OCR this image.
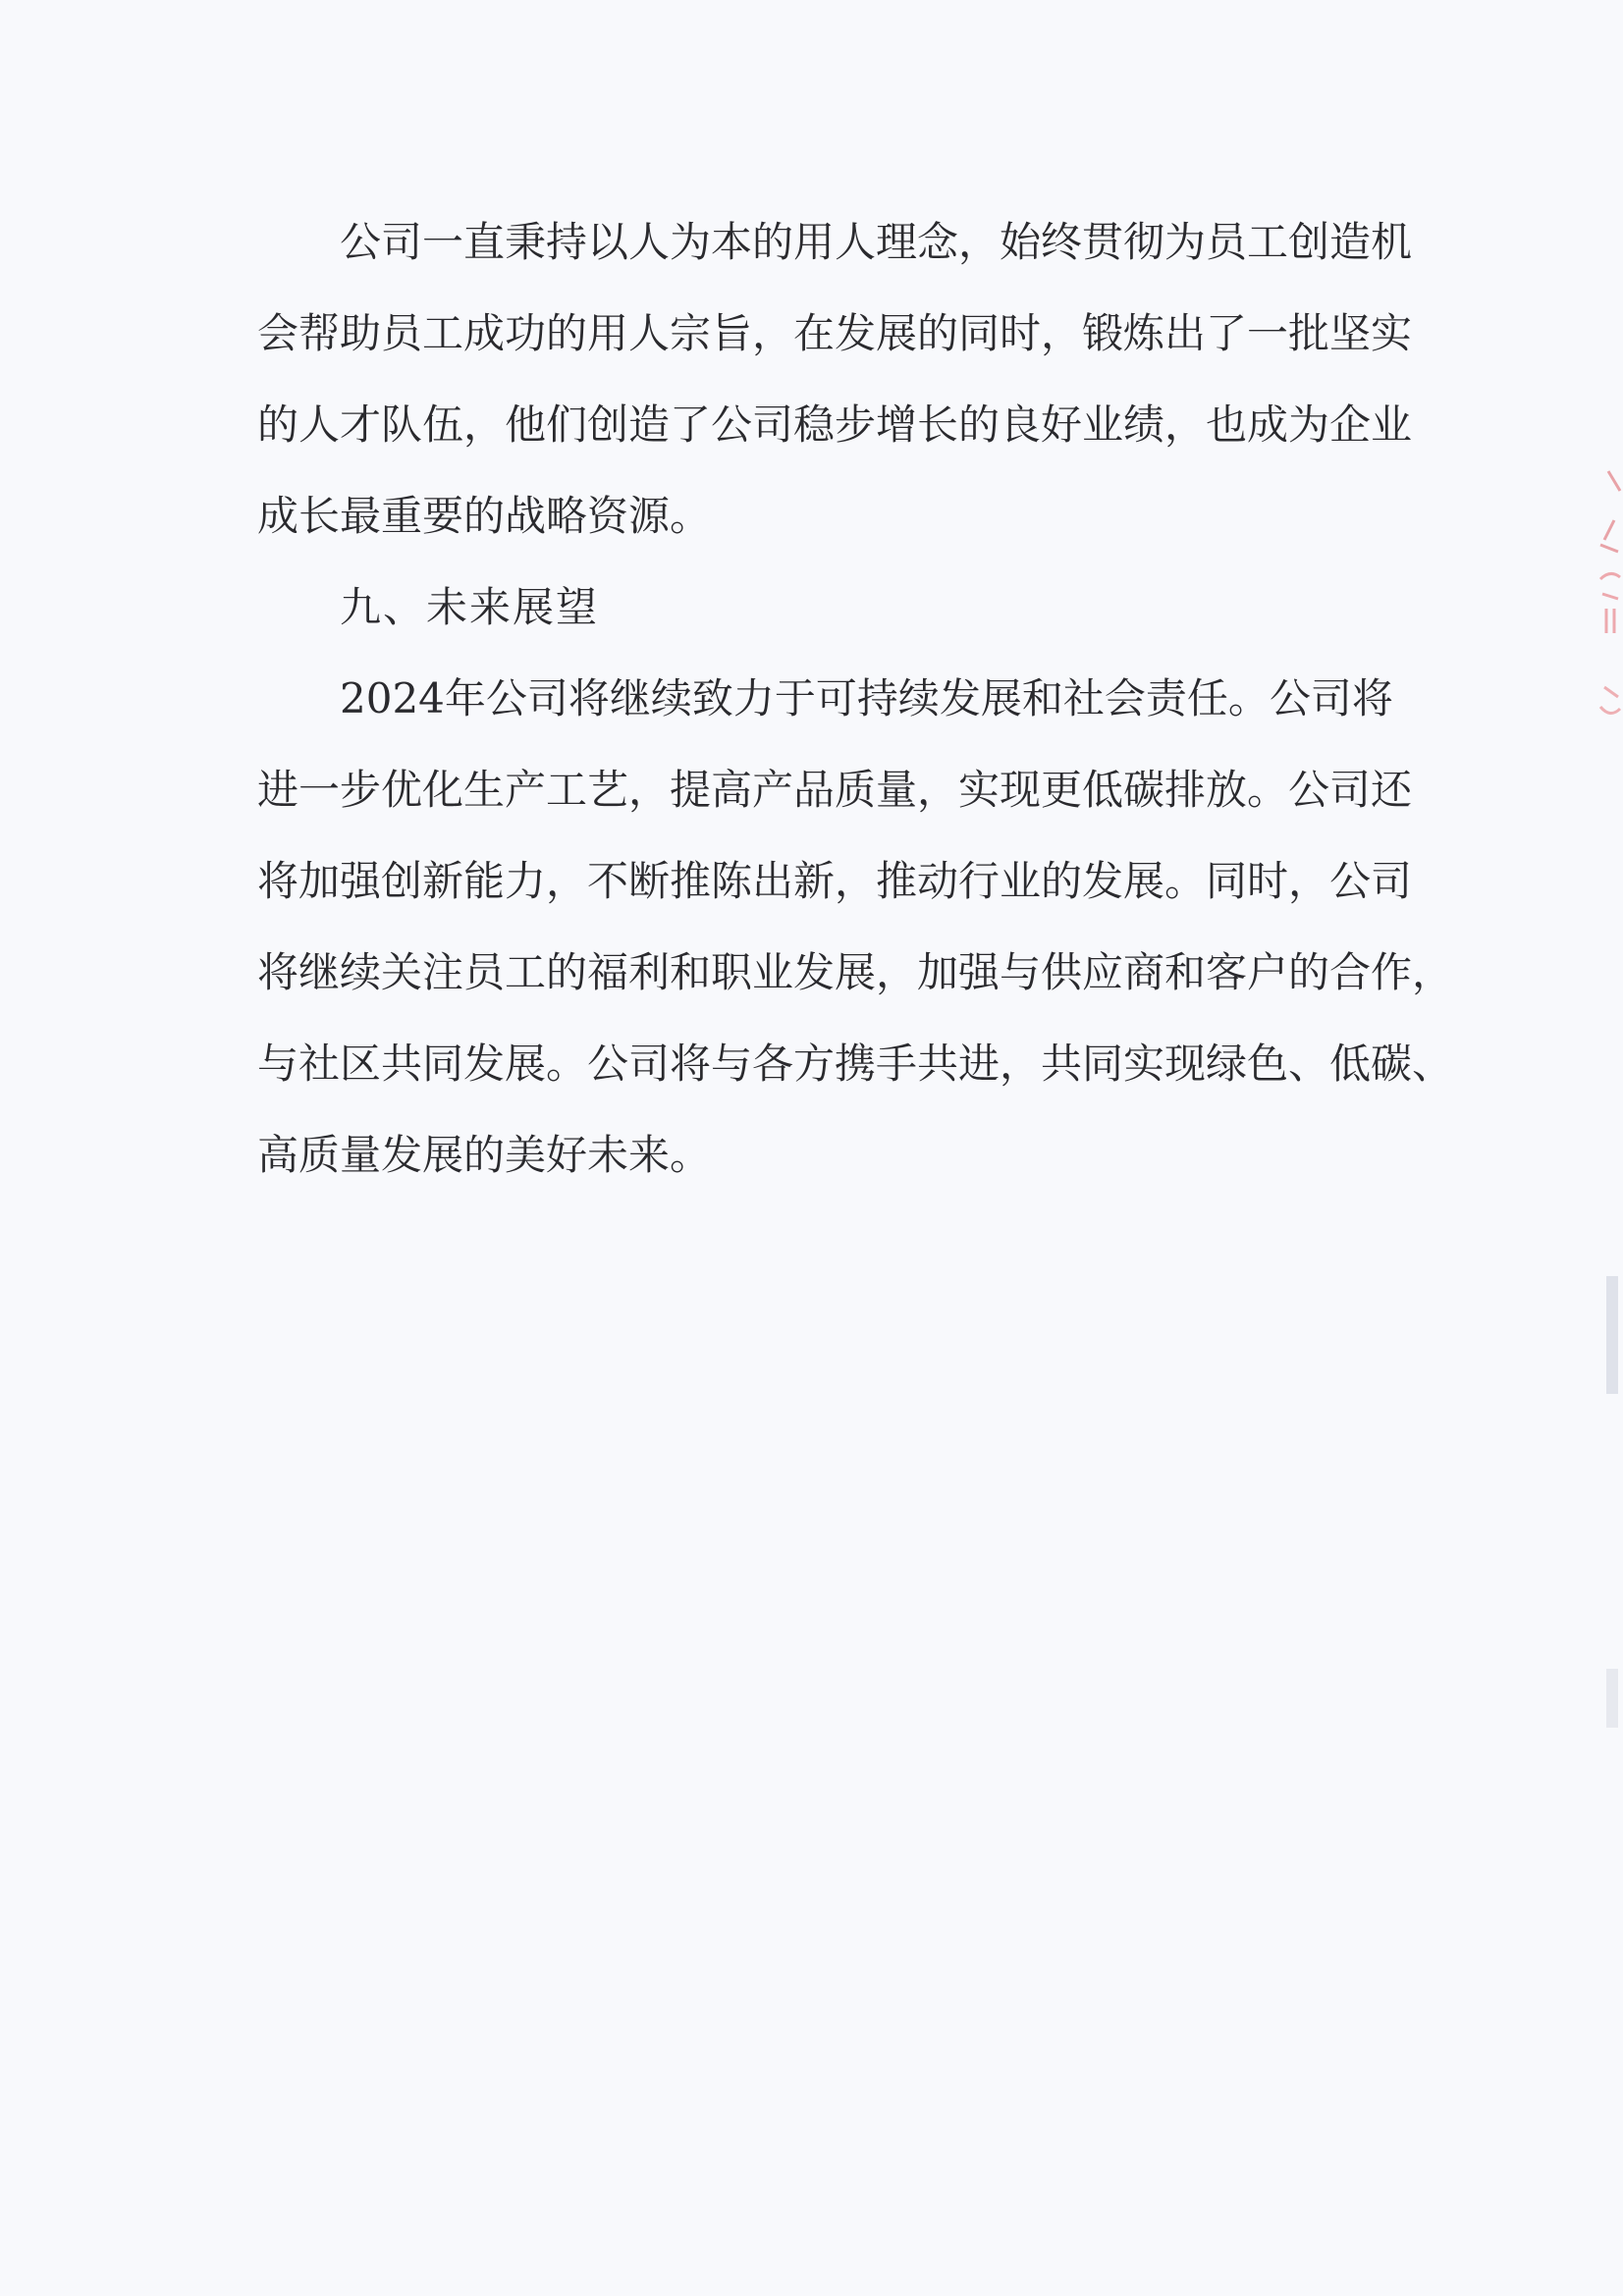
公司一直秉持以人为本的用人理念，始终贯彻为员工创造机
会帮助员工成功的用人宗旨，在发展的同时，锻炼出了一批坚实
的人才队伍，他们创造了公司稳步增长的良好业绩，也成为企业
成长最重要的战略资源。
九、未来展望
2024年公司将继续致力于可持续发展和社会责任。公司将
进一步优化生产工艺，提高产品质量，实现更低碳排放。公司还
将加强创新能力，不断推陈出新，推动行业的发展。同时，公司
将继续关注员工的福利和职业发展，加强与供应商和客户的合作，
与社区共同发展。公司将与各方携手共进，共同实现绿色、低碳、
高质量发展的美好未来。
